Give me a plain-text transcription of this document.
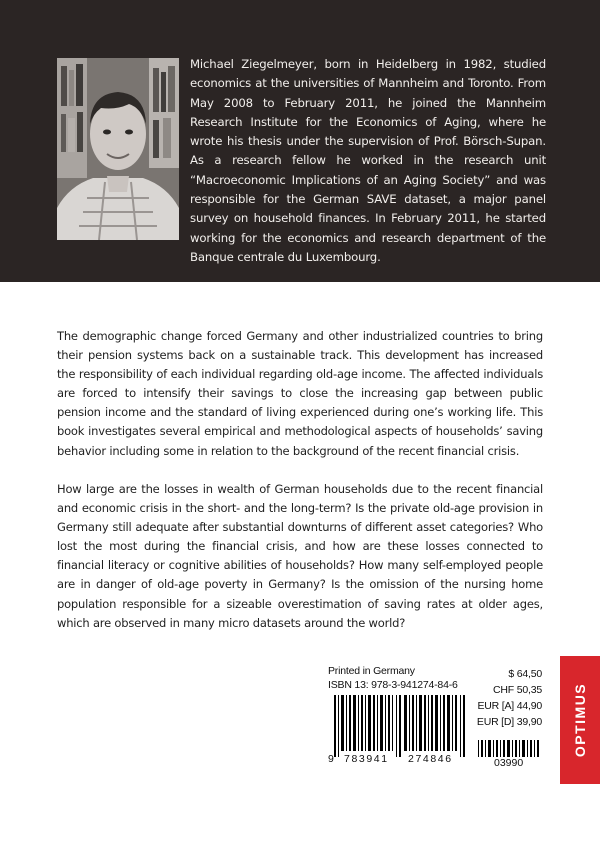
Michael Ziegelmeyer, born in Heidelberg in 1982, studied economics at the universities of Mannheim and Toronto. From May 2008 to February 2011, he joined the Mannheim Research Institute for the Economics of Aging, where he wrote his thesis under the supervision of Prof. Börsch-Supan. As a research fellow he worked in the research unit “Macroeconomic Implications of an Aging Society” and was responsible for the German SAVE dataset, a major panel survey on household finances. In February 2011, he started working for the economics and research department of the Banque centrale du Luxembourg.

The demographic change forced Germany and other industrialized countries to bring their pension systems back on a sustainable track. This development has increased the responsibility of each individual regarding old-age income. The affected individuals are forced to intensify their savings to close the increasing gap between public pension income and the standard of living experienced during one’s working life. This book investigates several empirical and methodological aspects of households’ saving behavior including some in relation to the background of the recent financial crisis.

How large are the losses in wealth of German households due to the recent financial and economic crisis in the short- and the long-term? Is the private old-age provision in Germany still adequate after substantial downturns of different asset categories? Who lost the most during the financial crisis, and how are these losses connected to financial literacy or cognitive abilities of households? How many self-employed people are in danger of old-age poverty in Germany? Is the omission of the nursing home population responsible for a sizeable overestimation of saving rates at older ages, which are observed in many micro datasets around the world?

Printed in Germany
ISBN 13: 978-3-941274-84-6
9 783941 274846
$ 64,50
CHF 50,35
EUR [A] 44,90
EUR [D] 39,90
03990
OPTIMUS
